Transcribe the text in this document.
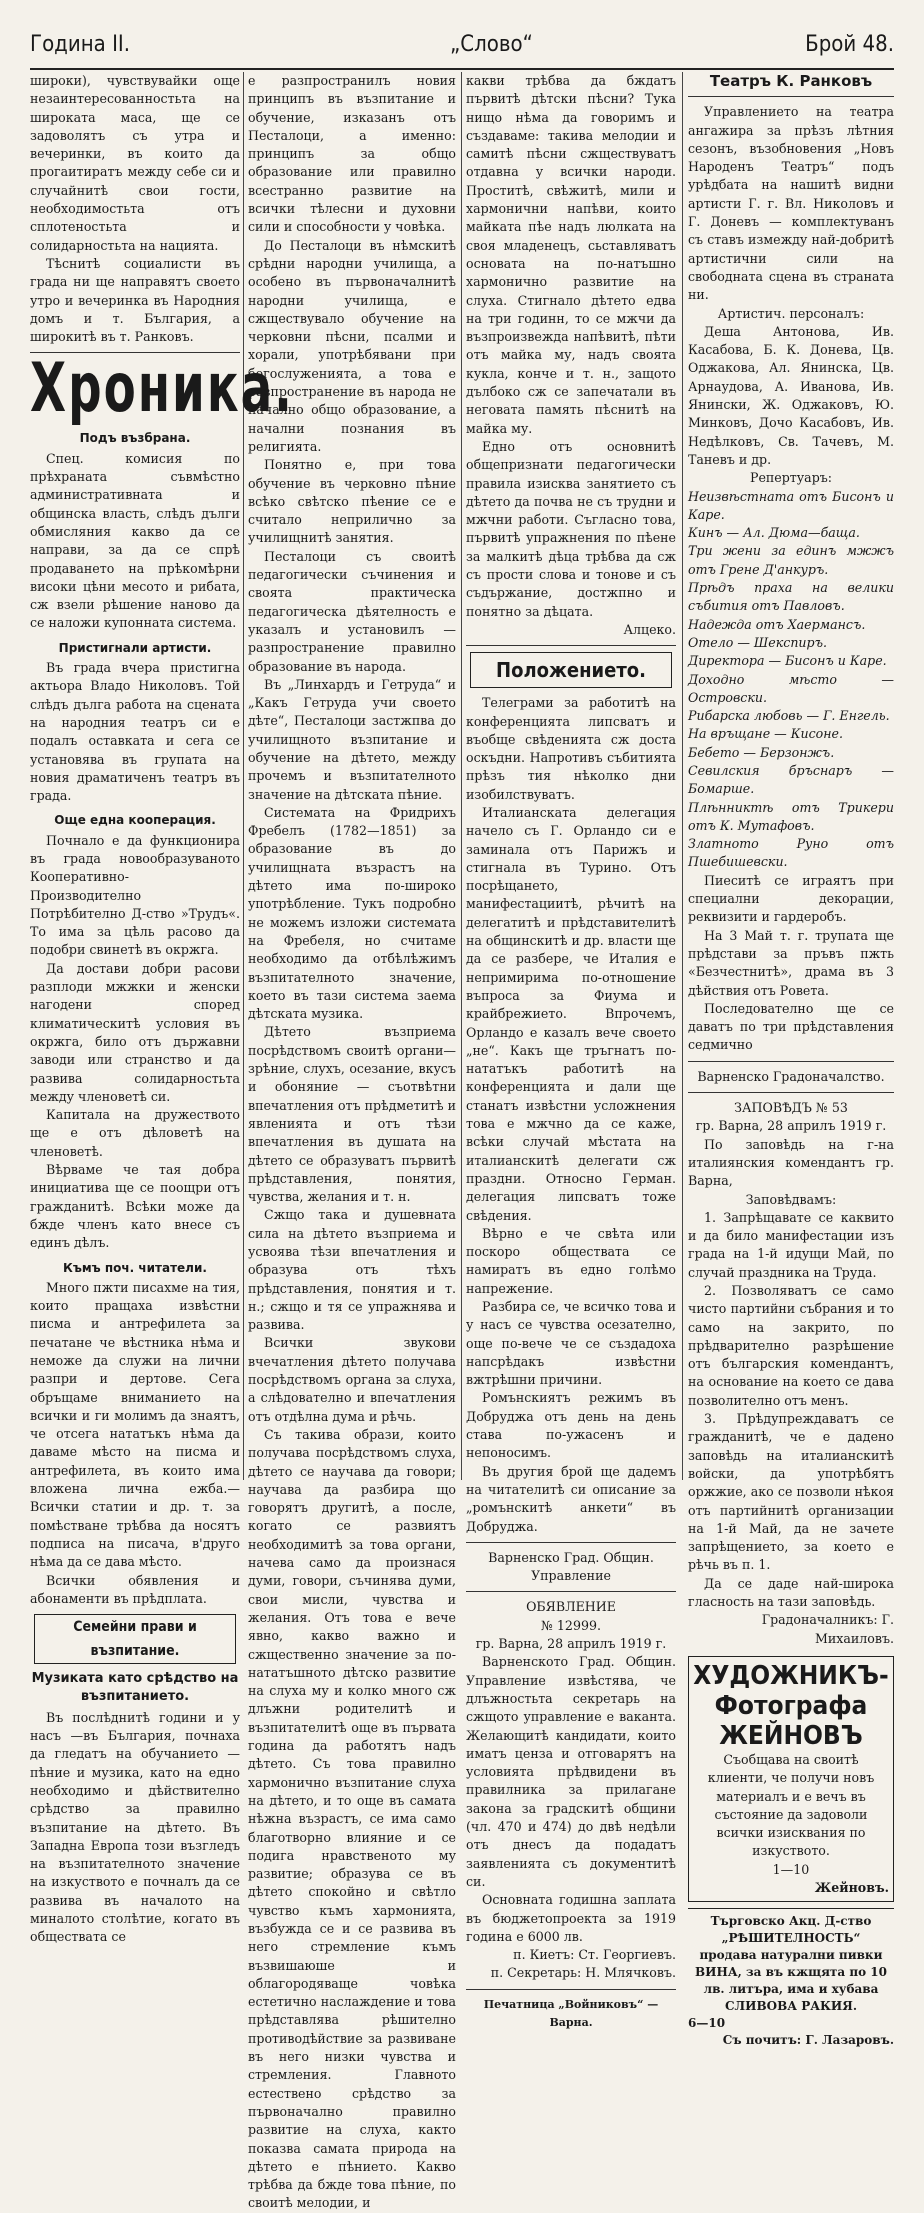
Година II.	„Слово“	Брой 48.

широки), чувствувайки още незаинтересованностьта на широката маса, ще се задоволятъ съ утра и вечеринки, въ които да прогаитиратъ между себе си и случайнитѣ свои гости, необходимостьта отъ сплотеностьта и солидарностьта на нацията.

Тѣснитѣ социалисти въ града ни ще направятъ своето утро и вечеринка въ Народния домъ и т. България, а широкитѣ въ т. Ранковъ.

Хроника.
Подъ възбрана.

Спец. комисия по прѣхраната съвмѣстно административната и общинска власть, слѣдъ дълги обмисляния какво да се направи, за да се спрѣ продаването на прѣкомѣрни високи цѣни месото и рибата, сж взели рѣшение наново да се наложи купонната система.

Пристигнали артисти.

Въ града вчера пристигна актьора Владо Николовъ. Той слѣдъ дълга работа на сцената на народния театръ си е подалъ оставката и сега се установява въ групата на новия драматиченъ театръ въ града.

Още една кооперация.

Почнало е да функционира въ града новообразуваното Кооперативно-Производително Потрѣбително Д-ство »Трудъ«. То има за цѣль расово да подобри свинетѣ въ окржга.

Да достави добри расови разплоди мжжки и женски нагодени според климатическитѣ условия въ окржга, било отъ държавни заводи или странство и да развива солидарностьта между членоветѣ си.

Капитала на дружеството ще е отъ дѣловетѣ на членоветѣ.

Вѣрваме че тая добра инициатива ще се поощри отъ гражданитѣ. Всѣки може да бжде членъ като внесе съ единъ дѣлъ.

Къмъ поч. читатели.

Много пжти писахме на тия, които пращаха извѣстни писма и антрефилета за печатане че вѣстника нѣма и неможе да служи на лични разпри и дертове. Сега обръщаме вниманието на всички и ги молимъ да знаятъ, че отсега нататъкъ нѣма да даваме мѣсто на писма и антрефилета, въ които има вложена лична ежба.— Всички статии и др. т. за помѣстване трѣбва да носятъ подписа на писача, в'друго нѣма да се дава мѣсто.

Всички обявления и абонаменти въ прѣдплата.

Семейни прави и възпитание.
Музиката като срѣдство на възпитанието.

Въ послѣднитѣ години и у насъ —въ България, почнаха да гледатъ на обучанието — пѣние и музика, като на едно необходимо и дѣйствително срѣдство за правилно възпитание на дѣтето. Въ Западна Европа този възгледъ на възпитателното значение на изкуството е почналъ да се развива въ началото на миналото столѣтие, когато въ обществата се

е разпространилъ новия принципъ въ възпитание и обучение, изказанъ отъ Песталоци, а именно: принципъ за общо образование или правилно всестранно развитие на всички тѣлесни и духовни сили и способности у човѣка.

До Песталоци въ нѣмскитѣ срѣдни народни училища, а особено въ първоначалнитѣ народни училища, е сжществувало обучение на черковни пѣсни, псалми и хорали, употрѣбявани при богослуженията, а това е разпространение въ народа не начално общо образование, а начални познания въ религията.

Понятно е, при това обучение въ черковно пѣние всѣко свѣтско пѣение се е считало неприлично за училищнитѣ занятия.

Песталоци съ своитѣ педагогически съчинения и своята практическа педагогическа дѣятелность е указалъ и установилъ — разпространение правилно образование въ народа.

Въ „Линхардъ и Гетруда“ и „Какъ Гетруда учи своето дѣте“, Песталоци застжпва до училищното възпитание и обучение на дѣтето, между прочемъ и възпитателното значение на дѣтската пѣние.

Системата на Фридрихъ Фребелъ (1782—1851) за образование въ до училищната възрастъ на дѣтето има по-широко употрѣбление. Тукъ подробно не можемъ изложи системата на Фребеля, но считаме необходимо да отбѣлѣжимъ възпитателното значение, което въ тази система заема дѣтската музика.

Дѣтето възприема посрѣдствомъ своитѣ органи— зрѣние, слухъ, осезание, вкусъ и обоняние — съотвѣтни впечатления отъ прѣдметитѣ и явленията и отъ тѣзи впечатления въ душата на дѣтето се образуватъ първитѣ прѣдставления, понятия, чувства, желания и т. н.

Сжщо така и душевната сила на дѣтето възприема и усвоява тѣзи впечатления и образува отъ тѣхъ прѣдставления, понятия и т. н.; сжщо и тя се упражнява и развива.

Всички звукови вчечатления дѣтето получава посрѣдствомъ органа за слуха, а слѣдователно и впечатления отъ отдѣлна дума и рѣчь.

Съ такива образи, които получава посрѣдствомъ слуха, дѣтето се научава да говори; научава да разбира що говорятъ другитѣ, а после, когато се развиятъ необходимитѣ за това органи, начева само да произнася думи, говори, съчинява думи, свои мисли, чувства и желания. Отъ това е вече явно, какво важно и сжщественно значение за по-нататъшното дѣтско развитие на слуха му и колко много сж длъжни родителитѣ и възпитателитѣ още въ първата година да работятъ надъ дѣтето. Съ това правилно хармонично възпитание слуха на дѣтето, и то още въ самата нѣжна възрастъ, се има само благотворно влияние и се подига нравственото му развитие; образува се въ дѣтето спокойно и свѣтло чувство къмъ хармонията, възбужда се и се развива въ него стремление къмъ възвишаюше и облагородяваще човѣка естетично наслаждение и това прѣдставлява рѣшително противодѣйствие за развиване въ него низки чувства и стремления. Главното естествено срѣдство за първоначално правилно развитие на слуха, както показва самата природа на дѣтето е пѣнието. Какво трѣбва да бжде това пѣние, по своитѣ мелодии, и

какви трѣбва да бждатъ първитѣ дѣтски пѣсни? Тука нищо нѣма да говоримъ и създаваме: такива мелодии и самитѣ пѣсни сжществуватъ отдавна у всички народи. Проститѣ, свѣжитѣ, мили и хармонични напѣви, които майката пѣе надъ люлката на своя младенецъ, сьставляватъ основата на по-натъшно хармонично развитие на слуха. Стигнало дѣтето едва на три годинн, то се мжчи да възпроизвежда напѣвитѣ, пѣти отъ майка му, надъ своята кукла, конче и т. н., защото дълбоко сж се запечатали въ неговата память пѣснитѣ на майка му.

Едно отъ основнитѣ общепризнати педагогически правила изисква занятието съ дѣтето да почва не съ трудни и мжчни работи. Съгласно това, първитѣ упражнения по пѣене за малкитѣ дѣца трѣбва да сж съ прости слова и тонове и съ съдържание, достжпно и понятно за дѣцата.

Алцеко.

Положението.

Телеграми за работитѣ на конференцията липсватъ и въобще свѣденията сж доста оскъдни. Напротивъ събитията прѣзъ тия нѣколко дни изобилствуватъ.

Италианската делегация начело съ Г. Орландо си е заминала отъ Парижъ и стигнала въ Турино. Отъ посрѣщането, манифестациитѣ, рѣчитѣ на делегатитѣ и прѣдставителитѣ на общинскитѣ и др. власти ще да се разбере, че Италия е непримирима по-отношение въпроса за Фиума и крайбрежието. Впрочемъ, Орландо е казалъ вече своето „не“. Какъ ще тръгнатъ по-нататъкъ работитѣ на конференцията и дали ще станатъ извѣстни усложнения това е мжчно да се каже, всѣки случай мѣстата на италианскитѣ делегати сж праздни. Относно Герман. делегация липсватъ тоже свѣдения.

Вѣрно е че свѣта или поскоро обществата се намиратъ въ едно голѣмо напрежение.

Разбира се, че всичко това и у насъ се чувства осезателно, още по-вече че се създадоха напсрѣдакъ извѣстни вжтрѣшни причини.

Ромънскиятъ режимъ въ Добруджа отъ день на день става по-ужасенъ и непоносимъ.

Въ другия брой ще дадемъ на читателитѣ си описание за „ромънскитѣ анкети“ въ Добруджа.

Варненско Град. Общин. Управление

ОБЯВЛЕНИЕ

№ 12999.

гр. Варна, 28 априлъ 1919 г.

Варненското Град. Общин. Управление извѣстява, че длъжностьта секретарь на сжщото управление е ваканта. Желающитѣ кандидати, които иматъ ценза и отговарятъ на условията прѣдвидени въ правилника за прилагане закона за градскитѣ общини (чл. 470 и 474) до двѣ недѣли отъ днесъ да подадатъ заявленията съ документитѣ си.

Основната годишна заплата въ бюджетопроекта за 1919 година е 6000 лв.

п. Киетъ: Ст. Георгиевъ.

п. Секретарь: Н. Млячковъ.

Печатница „Войниковъ“ — Варна.

Театръ К. Ранковъ

Управлението на театра ангажира за прѣзъ лѣтния сезонъ, възобновения „Новъ Народенъ Театръ“ подъ урѣдбата на нашитѣ видни артисти Г. г. Вл. Николовъ и Г. Доневъ — комплектуванъ съ ставъ измежду най-добритѣ артистични сили на свободната сцена въ страната ни.

Артистич. персоналъ:

Деша Антонова, Ив. Касабова, Б. К. Донева, Цв. Оджакова, Ал. Янинска, Цв. Арнаудова, А. Иванова, Ив. Янински, Ж. Оджаковъ, Ю. Минковъ, Дочо Касабовъ, Ив. Недѣлковъ, Св. Тачевъ, М. Таневъ и др.

Репертуаръ:

Неизвѣстната отъ Бисонъ и Каре.

Кинъ — Ал. Дюма—баща.

Три жени за единъ мжжъ отъ Грене Д'анкуръ.

Прѣдъ праха на велики събития отъ Павловъ.

Надежда отъ Хаермансъ.

Отело — Шекспиръ.

Директора — Бисонъ и Каре.

Доходно мѣсто — Островски.

Рибарска любовь — Г. Енгель.

На връщане — Кисоне.

Бебето — Берзонжъ.

Севилския бръснаръ — Бомарше.

Плѣнниктѣ отъ Трикери отъ К. Мутафовъ.

Златното Руно отъ Пшебишевски.

Пиеситѣ се играятъ при специални декорации, реквизити и гардеробъ.

На 3 Май т. г. трупата ще прѣдстави за пръвъ пжть «Безчестнитѣ», драма въ 3 дѣйствия отъ Ровета.

Последователно ще се даватъ по три прѣдставления седмично

Варненско Градоначалство.

ЗАПОВѢДЪ № 53

гр. Варна, 28 априлъ 1919 г.

По заповѣдь на г-на италиянския комендантъ гр. Варна,

Заповѣдвамъ:

1. Запрѣщавате се каквито и да било манифестации изъ града на 1-й идущи Май, по случай праздника на Труда.

2. Позволяватъ се само чисто партийни събрания и то само на закрито, по прѣдварително разрѣшение отъ българския комендантъ, на основание на което се дава позволително отъ менъ.

3. Прѣдупреждаватъ се гражданитѣ, че е дадено заповѣдь на италианскитѣ войски, да употрѣбятъ оржжие, ако се позволи нѣкоя отъ партийнитѣ организации на 1-й Май, да не зачете запрѣщението, за което е рѣчь въ п. 1.

Да се даде най-широка гласность на тази заповѣдь.

Градоначалникъ: Г. Михаиловъ.

ХУДОЖНИКЪ-Фотографа ЖЕЙНОВЪ

Съобщава на своитѣ клиенти, че получи новъ материалъ и е вечъ въ състояние да задоволи всички изисквания по изкуството.

1—10

Жейновъ.

Търговско Акц. Д-ство „РѢШИТЕЛНОСТЬ“
продава натурални пивки ВИНА, за въ кжщята по 10 лв. литъра, има и хубава СЛИВОВА РАКИЯ.
6—10
Съ почитъ: Г. Лазаровъ.
